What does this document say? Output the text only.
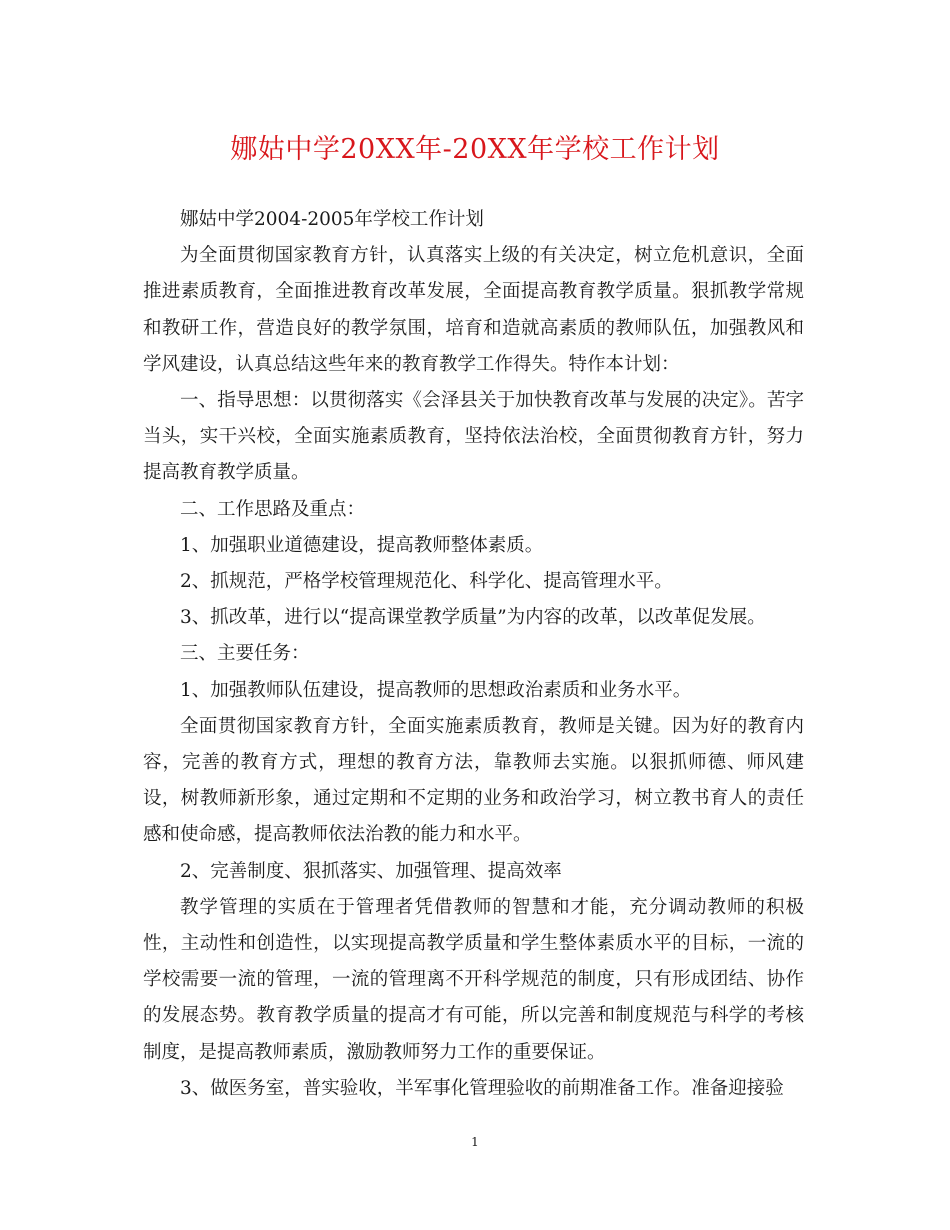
娜姑中学20XX年-20XX年学校工作计划

娜姑中学2004-2005年学校工作计划

为全面贯彻国家教育方针，认真落实上级的有关决定，树立危机意识，全面推进素质教育，全面推进教育改革发展，全面提高教育教学质量。狠抓教学常规和教研工作，营造良好的教学氛围，培育和造就高素质的教师队伍，加强教风和学风建设，认真总结这些年来的教育教学工作得失。特作本计划：

一、指导思想：以贯彻落实《会泽县关于加快教育改革与发展的决定》。苦字当头，实干兴校，全面实施素质教育，坚持依法治校，全面贯彻教育方针，努力提高教育教学质量。

二、工作思路及重点：

1、加强职业道德建设，提高教师整体素质。

2、抓规范，严格学校管理规范化、科学化、提高管理水平。

3、抓改革，进行以“提高课堂教学质量”为内容的改革，以改革促发展。

三、主要任务：

1、加强教师队伍建设，提高教师的思想政治素质和业务水平。

全面贯彻国家教育方针，全面实施素质教育，教师是关键。因为好的教育内容，完善的教育方式，理想的教育方法，靠教师去实施。以狠抓师德、师风建设，树教师新形象，通过定期和不定期的业务和政治学习，树立教书育人的责任感和使命感，提高教师依法治教的能力和水平。

2、完善制度、狠抓落实、加强管理、提高效率

教学管理的实质在于管理者凭借教师的智慧和才能，充分调动教师的积极性，主动性和创造性，以实现提高教学质量和学生整体素质水平的目标，一流的学校需要一流的管理，一流的管理离不开科学规范的制度，只有形成团结、协作的发展态势。教育教学质量的提高才有可能，所以完善和制度规范与科学的考核制度，是提高教师素质，激励教师努力工作的重要保证。

3、做医务室，普实验收，半军事化管理验收的前期准备工作。准备迎接验

1
